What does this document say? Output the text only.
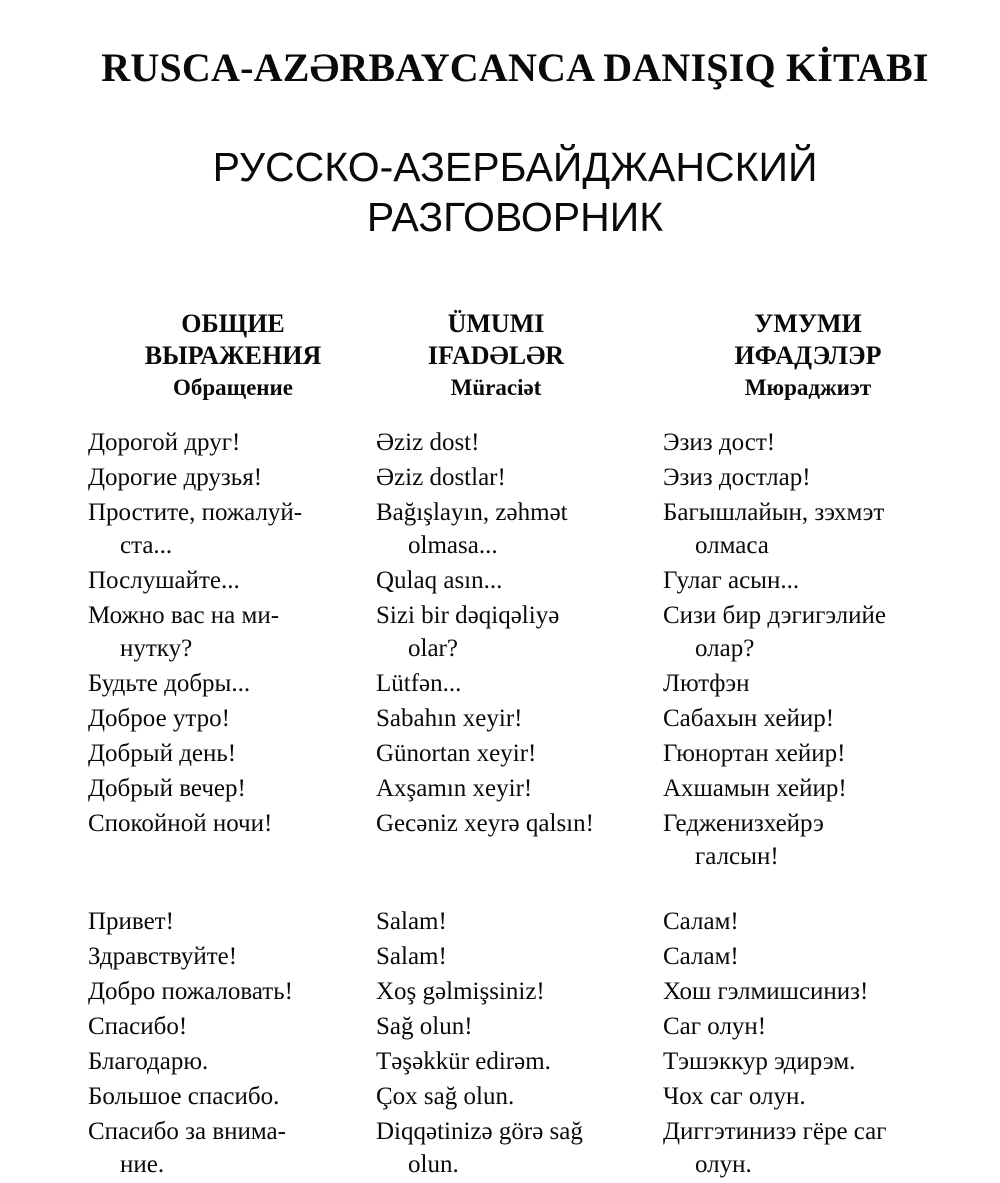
RUSCA-AZƏRBAYCANCA DANIŞIQ KİTABI
РУССКО-АЗЕРБАЙДЖАНСКИЙ
РАЗГОВОРНИК
ОБЩИЕ
ВЫРАЖЕНИЯ
Обращение
Дорогой друг!
Дорогие друзья!
Простите, пожалуй-
ста...
Послушайте...
Можно вас на ми-
нутку?
Будьте добры...
Доброе утро!
Добрый день!
Добрый вечер!
Спокойной ночи!
Привет!
Здравствуйте!
Добро пожаловать!
Спасибо!
Благодарю.
Большое спасибо.
Спасибо за внима-
ние.
ÜMUMI
IFADƏLƏR
Müraciət
Əziz dost!
Əziz dostlar!
Bağışlayın, zəhmət
olmasa...
Qulaq asın...
Sizi bir dəqiqəliyə
olar?
Lütfən...
Sabahın xeyir!
Günortan xeyir!
Axşamın xeyir!
Gecəniz xeyrə qalsın!
Salam!
Salam!
Xoş gəlmişsiniz!
Sağ olun!
Təşəkkür edirəm.
Çox sağ olun.
Diqqətinizə görə sağ
olun.
УМУМИ
ИФАДЭЛЭР
Мюраджиэт
Эзиз дост!
Эзиз достлар!
Багышлайын, зэхмэт
олмаса
Гулаг асын...
Сизи бир дэгигэлийе
олар?
Лютфэн
Сабахын хейир!
Гюнортан хейир!
Ахшамын хейир!
Гедженизхейрэ
галсын!
Салам!
Салам!
Хош гэлмишсиниз!
Саг олун!
Тэшэккур эдирэм.
Чох саг олун.
Диггэтинизэ гёре саг
олун.
